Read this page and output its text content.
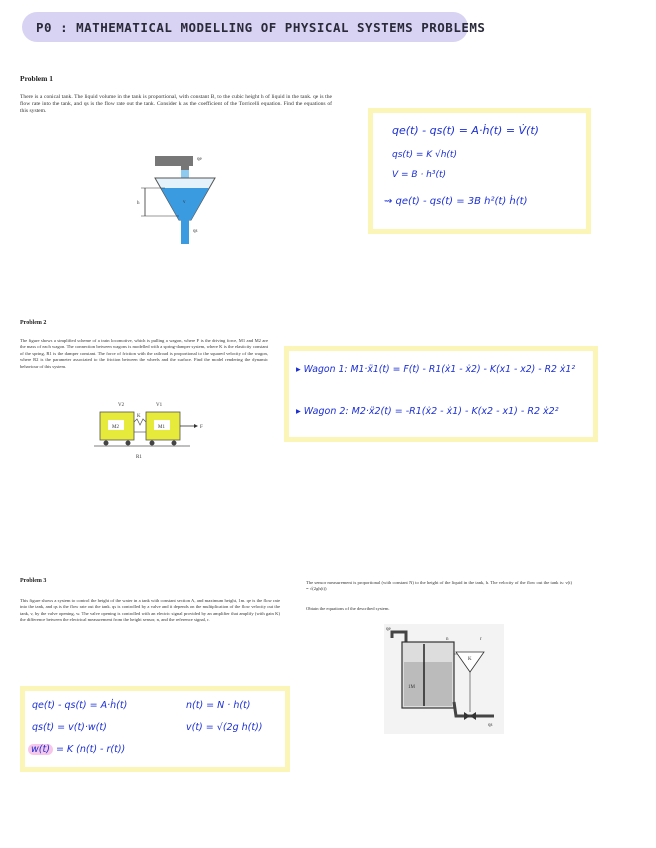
P0 : MATHEMATICAL MODELLING OF PHYSICAL SYSTEMS PROBLEMS
Problem 1
There is a conical tank. The liquid volume in the tank is proportional, with constant B, to the cubic height h of liquid in the tank. qe is the flow rate into the tank, and qs is the flow rate out the tank. Consider k as the coefficient of the Torricelli equation. Find the equations of this system.
qe
h	v
qs
qe(t) - qs(t) = A·ḣ(t) = V̇(t)
qs(t) = K √h(t)
V = B · h³(t)
⇝ qe(t) - qs(t) = 3B h²(t) ḣ(t)
Problem 2
The figure shows a simplified scheme of a train locomotive, which is pulling a wagon, where F is the driving force, M1 and M2 are the mass of each wagon. The connection between wagons is modelled with a spring-damper system, where K is the elasticity constant of the spring, R1 is the damper constant. The force of friction with the railroad is proportional to the squared velocity of the wagon, where R2 is the parameter associated to the friction between the wheels and the surface. Find the model rendering the dynamic behaviour of this system.
V2	V1
M2	M1
K
F
R1
▸ Wagon 1: M1·ẍ1(t) = F(t) - R1(ẋ1 - ẋ2) - K(x1 - x2) - R2 ẋ1²
▸ Wagon 2: M2·ẍ2(t) = -R1(ẋ2 - ẋ1) - K(x2 - x1) - R2 ẋ2²
Problem 3
This figure shows a system to control the height of the water in a tank with constant section A, and maximum height, 1m. qe is the flow rate into the tank, and qs is the flow rate out the tank. qs is controlled by a valve and it depends on the multiplication of the flow velocity out the tank, v, by the valve opening, w. The valve opening is controlled with an electric signal provided by an amplifier that amplify (with gain K) the difference between the electrical measurement from the height sensor, n, and the reference signal, r.
The sensor measurement is proportional (with constant N) to the height of the liquid in the tank, h. The velocity of the flow out the tank is: v(t) = √(2gh(t))
Obtain the equations of the described system.
qe
1M
n	r
K
qs
qe(t) - qs(t) = A·ḣ(t)
qs(t) = v(t)·w(t)
w(t) = K (n(t) - r(t))
n(t) = N · h(t)
v(t) = √(2g h(t))
